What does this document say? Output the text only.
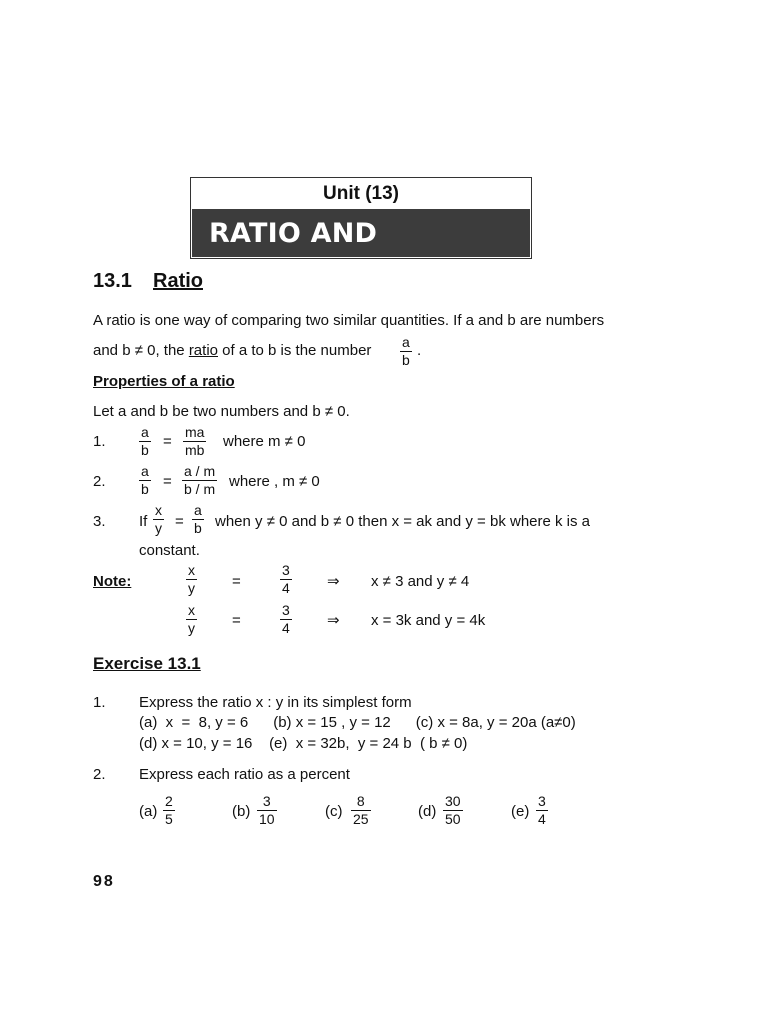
Unit (13)
RATIO AND PROPORTION
13.1 Ratio
A ratio is one way of comparing two similar quantities. If a and b are numbers
and b ≠ 0, the ratio of a to b is the number $\frac{a}{b}$ .
Properties of a ratio
Let a and b be two numbers and b ≠ 0.
1. $\frac{a}{b} = \frac{ma}{mb}$ where m ≠ 0
2. $\frac{a}{b} = \frac{a / m}{b / m}$ where , m ≠ 0
3. If $\frac{x}{y} = \frac{a}{b}$ when y ≠ 0 and b ≠ 0 then x = ak and y = bk where k is a
constant.
Note:	$\frac{x}{y}$ =	$\frac{3}{4}$ ⇒ x ≠ 3 and y ≠ 4
$\frac{x}{y}$ =	$\frac{3}{4}$ ⇒ x = 3k and y = 4k
Exercise 13.1
1. Express the ratio x : y in its simplest form
(a)  x  =  8, y = 6      (b) x = 15 , y = 12      (c) x = 8a, y = 20a (a≠0)
(d) x = 10, y = 16    (e)  x = 32b,  y = 24 b  ( b ≠ 0)
2. Express each ratio as a percent
$(a) \frac{2}{5}$	$(b) \frac{3}{10}$	$(c) \frac{8}{25}$	$(d) \frac{30}{50}$	$(e) \frac{3}{4}$
98
